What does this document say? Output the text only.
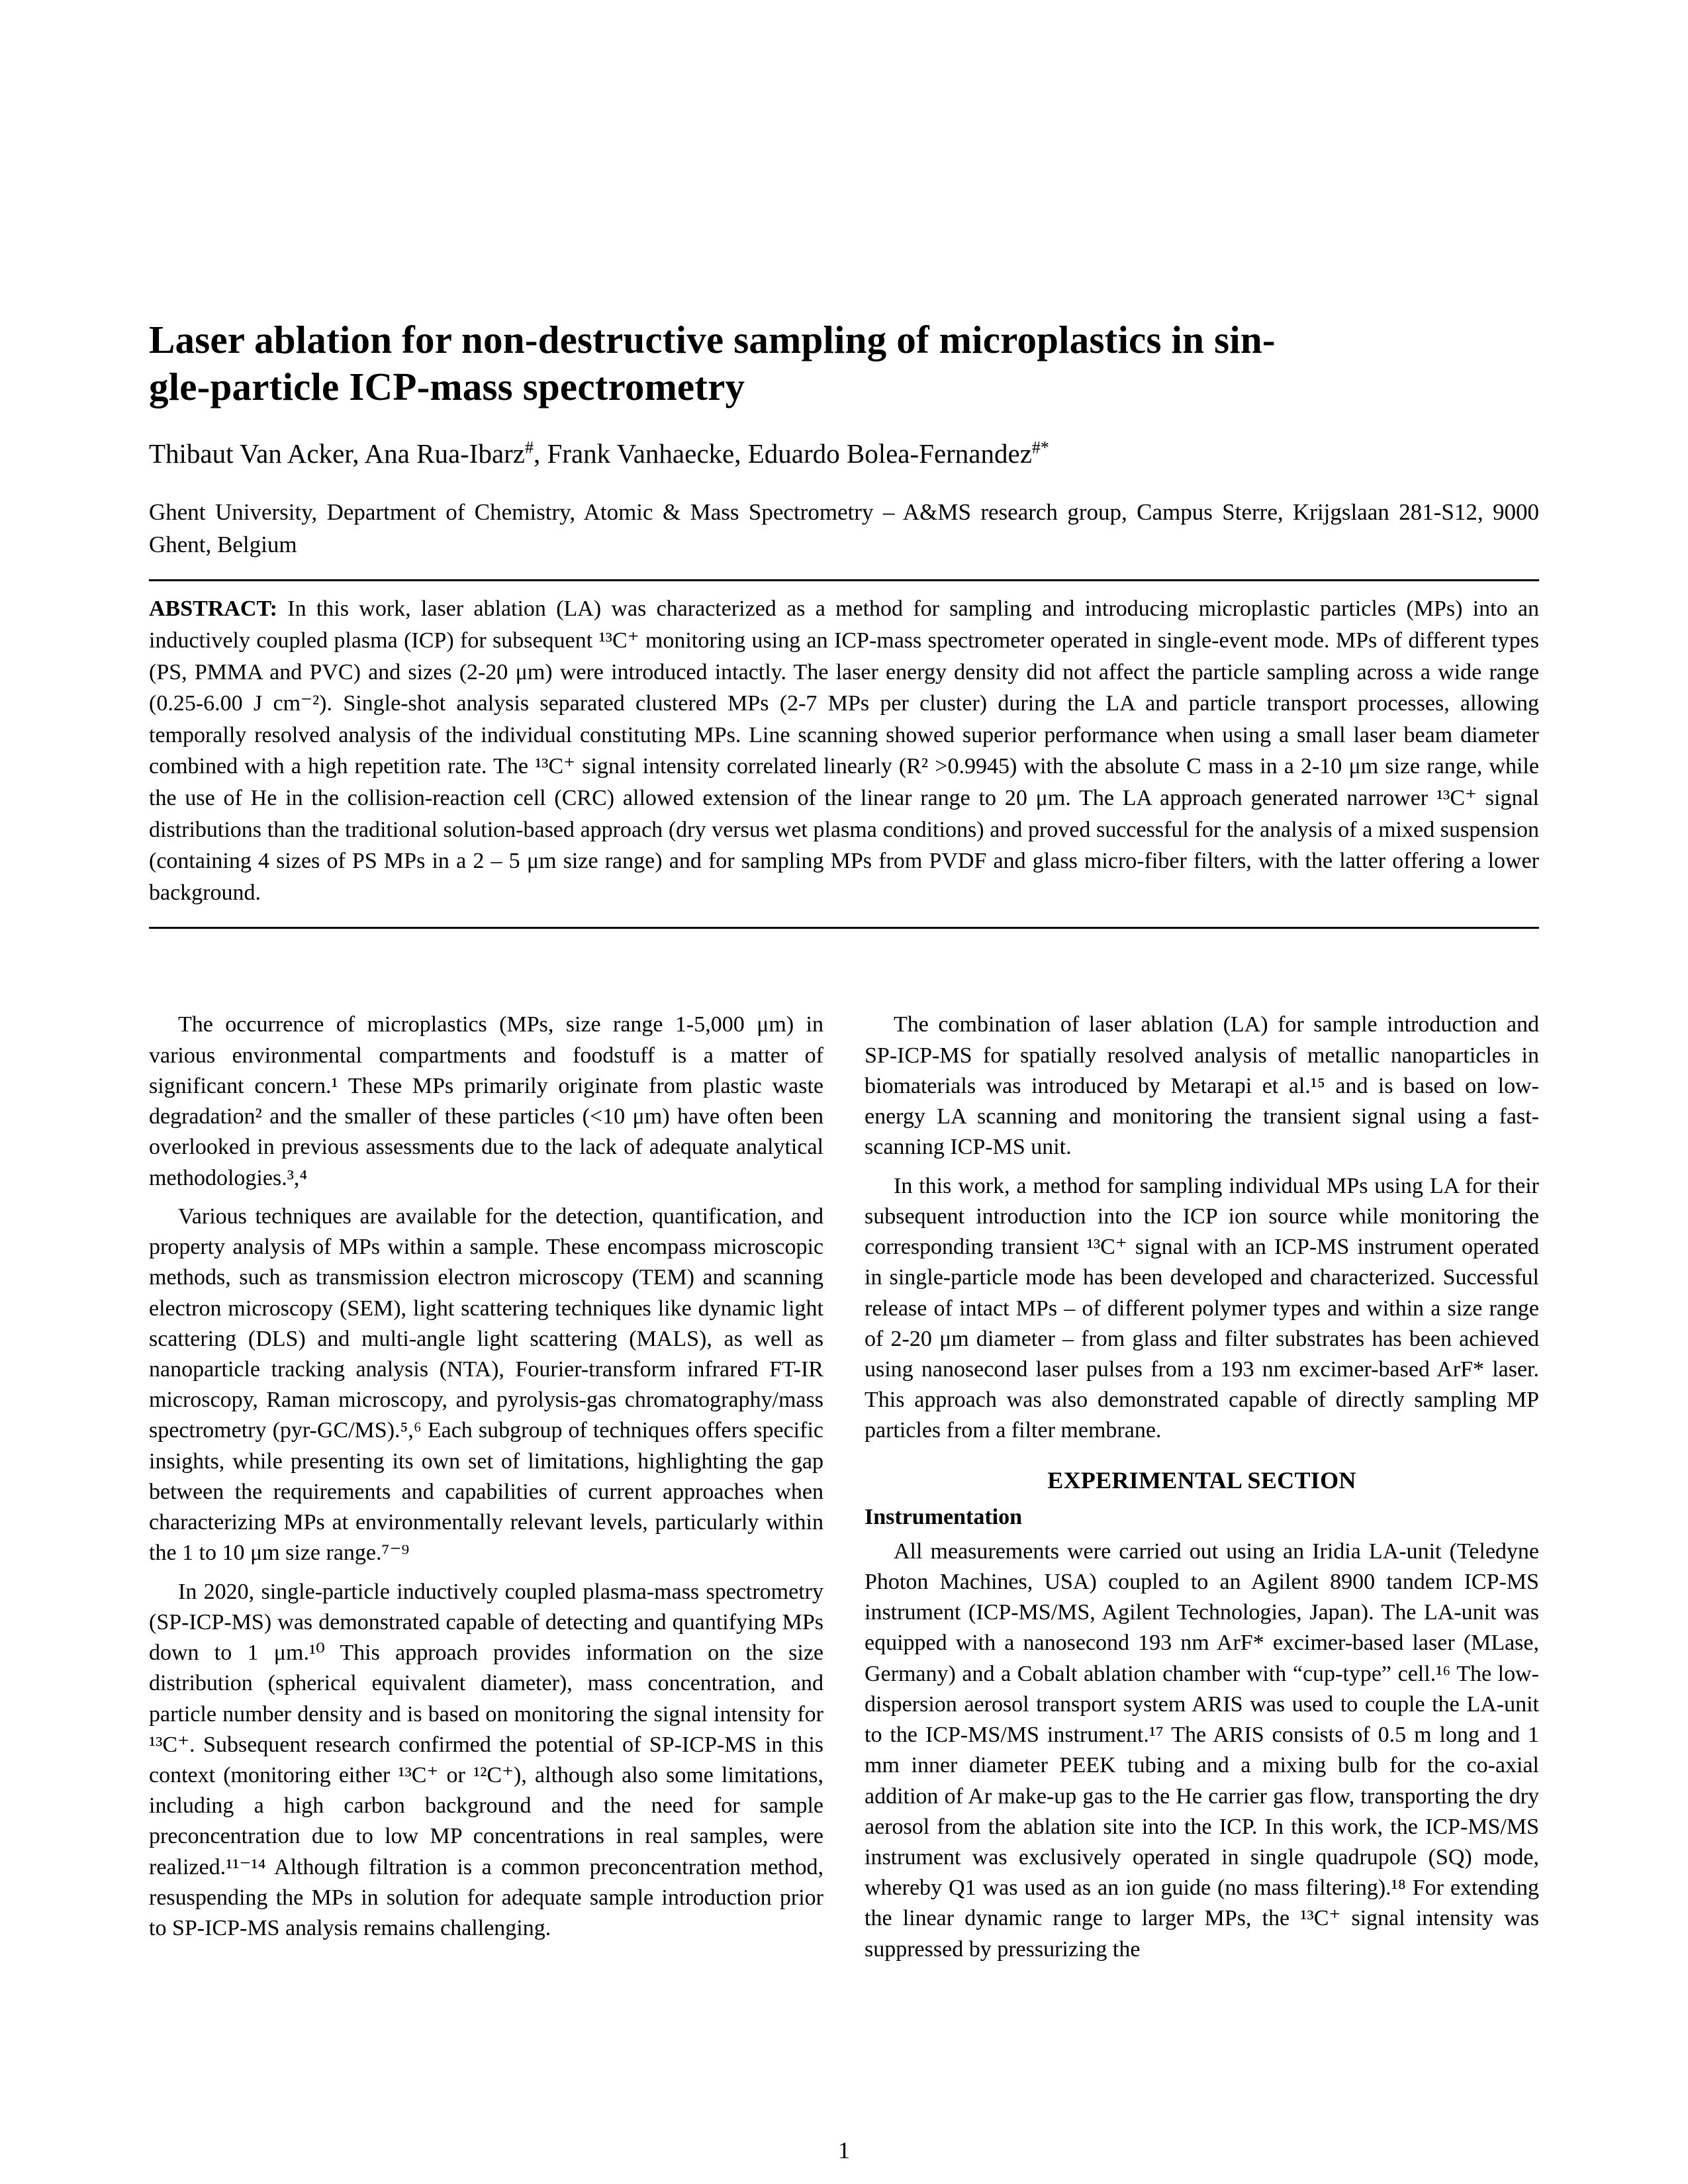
Laser ablation for non-destructive sampling of microplastics in sin-
gle-particle ICP-mass spectrometry
Thibaut Van Acker, Ana Rua-Ibarz#, Frank Vanhaecke, Eduardo Bolea-Fernandez#*
Ghent University, Department of Chemistry, Atomic & Mass Spectrometry – A&MS research group, Campus Sterre, Krijgslaan 281-S12, 9000 Ghent, Belgium

ABSTRACT: In this work, laser ablation (LA) was characterized as a method for sampling and introducing microplastic particles (MPs) into an inductively coupled plasma (ICP) for subsequent ¹³C⁺ monitoring using an ICP-mass spectrometer operated in single-event mode. MPs of different types (PS, PMMA and PVC) and sizes (2-20 μm) were introduced intactly. The laser energy density did not affect the particle sampling across a wide range (0.25-6.00 J cm⁻²). Single-shot analysis separated clustered MPs (2-7 MPs per cluster) during the LA and particle transport processes, allowing temporally resolved analysis of the individual constituting MPs. Line scanning showed superior performance when using a small laser beam diameter combined with a high repetition rate. The ¹³C⁺ signal intensity correlated linearly (R² >0.9945) with the absolute C mass in a 2-10 μm size range, while the use of He in the collision-reaction cell (CRC) allowed extension of the linear range to 20 μm. The LA approach generated narrower ¹³C⁺ signal distributions than the traditional solution-based approach (dry versus wet plasma conditions) and proved successful for the analysis of a mixed suspension (containing 4 sizes of PS MPs in a 2 – 5 μm size range) and for sampling MPs from PVDF and glass micro-fiber filters, with the latter offering a lower background.

The occurrence of microplastics (MPs, size range 1-5,000 μm) in various environmental compartments and foodstuff is a matter of significant concern.¹ These MPs primarily originate from plastic waste degradation² and the smaller of these particles (<10 μm) have often been overlooked in previous assessments due to the lack of adequate analytical methodologies.³,⁴

Various techniques are available for the detection, quantification, and property analysis of MPs within a sample. These encompass microscopic methods, such as transmission electron microscopy (TEM) and scanning electron microscopy (SEM), light scattering techniques like dynamic light scattering (DLS) and multi-angle light scattering (MALS), as well as nanoparticle tracking analysis (NTA), Fourier-transform infrared FT-IR microscopy, Raman microscopy, and pyrolysis-gas chromatography/mass spectrometry (pyr-GC/MS).⁵,⁶ Each subgroup of techniques offers specific insights, while presenting its own set of limitations, highlighting the gap between the requirements and capabilities of current approaches when characterizing MPs at environmentally relevant levels, particularly within the 1 to 10 μm size range.⁷⁻⁹

In 2020, single-particle inductively coupled plasma-mass spectrometry (SP-ICP-MS) was demonstrated capable of detecting and quantifying MPs down to 1 μm.¹⁰ This approach provides information on the size distribution (spherical equivalent diameter), mass concentration, and particle number density and is based on monitoring the signal intensity for ¹³C⁺. Subsequent research confirmed the potential of SP-ICP-MS in this context (monitoring either ¹³C⁺ or ¹²C⁺), although also some limitations, including a high carbon background and the need for sample preconcentration due to low MP concentrations in real samples, were realized.¹¹⁻¹⁴ Although filtration is a common preconcentration method, resuspending the MPs in solution for adequate sample introduction prior to SP-ICP-MS analysis remains challenging.

The combination of laser ablation (LA) for sample introduction and SP-ICP-MS for spatially resolved analysis of metallic nanoparticles in biomaterials was introduced by Metarapi et al.¹⁵ and is based on low-energy LA scanning and monitoring the transient signal using a fast-scanning ICP-MS unit.

In this work, a method for sampling individual MPs using LA for their subsequent introduction into the ICP ion source while monitoring the corresponding transient ¹³C⁺ signal with an ICP-MS instrument operated in single-particle mode has been developed and characterized. Successful release of intact MPs – of different polymer types and within a size range of 2-20 μm diameter – from glass and filter substrates has been achieved using nanosecond laser pulses from a 193 nm excimer-based ArF* laser. This approach was also demonstrated capable of directly sampling MP particles from a filter membrane.

EXPERIMENTAL SECTION
Instrumentation

All measurements were carried out using an Iridia LA-unit (Teledyne Photon Machines, USA) coupled to an Agilent 8900 tandem ICP-MS instrument (ICP-MS/MS, Agilent Technologies, Japan). The LA-unit was equipped with a nanosecond 193 nm ArF* excimer-based laser (MLase, Germany) and a Cobalt ablation chamber with “cup-type” cell.¹⁶ The low-dispersion aerosol transport system ARIS was used to couple the LA-unit to the ICP-MS/MS instrument.¹⁷ The ARIS consists of 0.5 m long and 1 mm inner diameter PEEK tubing and a mixing bulb for the co-axial addition of Ar make-up gas to the He carrier gas flow, transporting the dry aerosol from the ablation site into the ICP. In this work, the ICP-MS/MS instrument was exclusively operated in single quadrupole (SQ) mode, whereby Q1 was used as an ion guide (no mass filtering).¹⁸ For extending the linear dynamic range to larger MPs, the ¹³C⁺ signal intensity was suppressed by pressurizing the

1
